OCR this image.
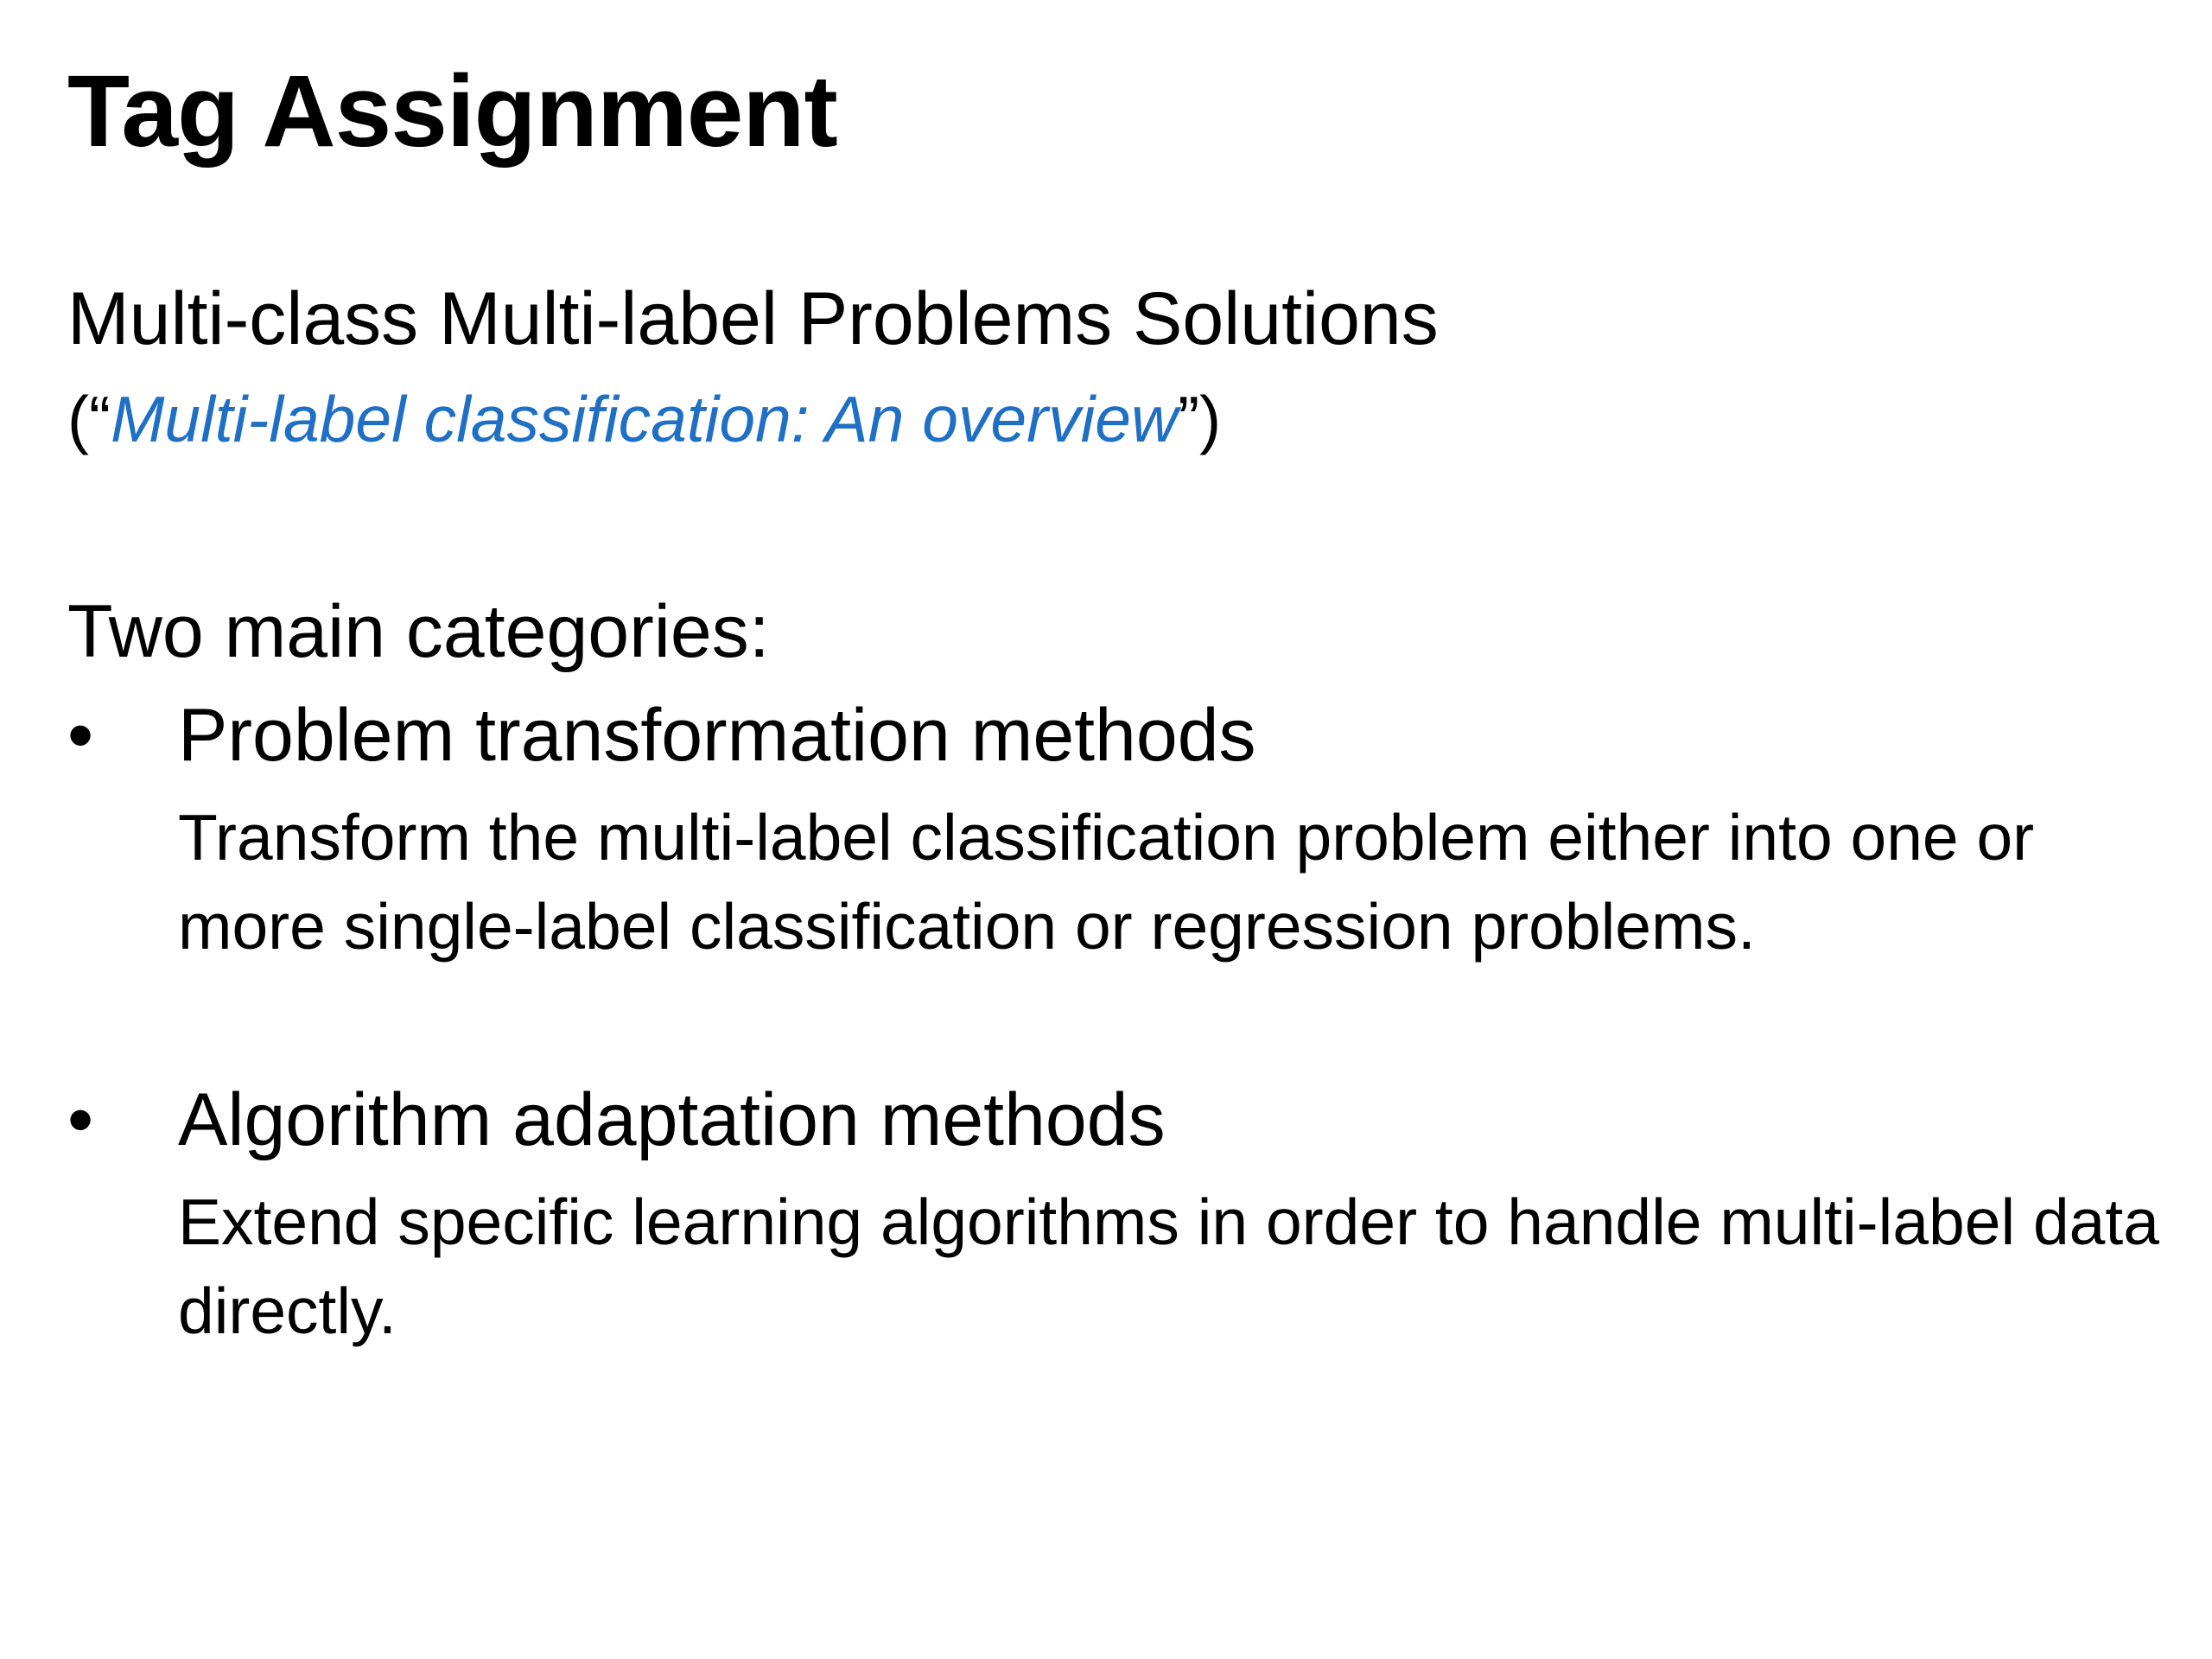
Tag Assignment
Multi-class Multi-label Problems Solutions
(“Multi-label classification: An overview”)
Two main categories:
• Problem transformation methods
Transform the multi-label classification problem either into one or more single-label classification or regression problems.
• Algorithm adaptation methods
Extend specific learning algorithms in order to handle multi-label data directly.
